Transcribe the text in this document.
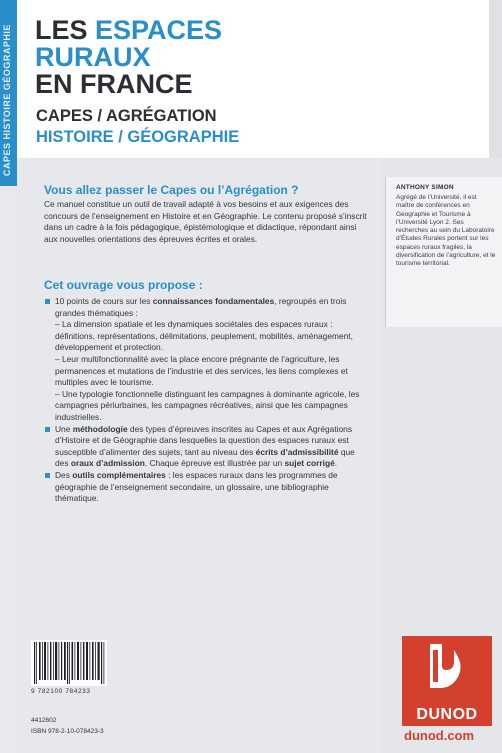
CAPES HISTOIRE GÉOGRAPHIE LES ESPACES
RURAUX
EN FRANCE
CAPES / AGRÉGATION
HISTOIRE / GÉOGRAPHIE
ANTHONY SIMON
Agrégé de l’Université, il est maître de conférences en Géographie et Tourisme à l’Université Lyon 2. Ses recherches au sein du Laboratoire d’Études Rurales portent sur les espaces ruraux fragiles, la diversification de l’agriculture, et le tourisme territorial.
Vous allez passer le Capes ou l’Agrégation ?
Ce manuel constitue un outil de travail adapté à vos besoins et aux exigences des concours de l’enseignement en Histoire et en Géographie. Le contenu proposé s’inscrit dans un cadre à la fois pédagogique, épistémologique et didactique, répondant ainsi aux nouvelles orientations des épreuves écrites et orales.
Cet ouvrage vous propose :
10 points de cours sur les connaissances fondamentales, regroupés en trois grandes thématiques :
– La dimension spatiale et les dynamiques sociétales des espaces ruraux : définitions, représentations, délimitations, peuplement, mobilités, aménagement, développement et protection.
– Leur multifonctionnalité avec la place encore prégnante de l’agriculture, les permanences et mutations de l’industrie et des services, les liens complexes et multiples avec le tourisme.
– Une typologie fonctionnelle distinguant les campagnes à dominante agricole, les campagnes périurbaines, les campagnes récréatives, ainsi que les campagnes industrielles.
Une méthodologie des types d’épreuves inscrites au Capes et aux Agrégations d’Histoire et de Géographie dans lesquelles la question des espaces ruraux est susceptible d’alimenter des sujets, tant au niveau des écrits d’admissibilité que des oraux d’admission. Chaque épreuve est illustrée par un sujet corrigé.
Des outils complémentaires : les espaces ruraux dans les programmes de géographie de l’enseignement secondaire, un glossaire, une bibliographie thématique.
9 782100 784233
4412602
ISBN 978-2-10-078423-3
DUNOD
dunod.com
